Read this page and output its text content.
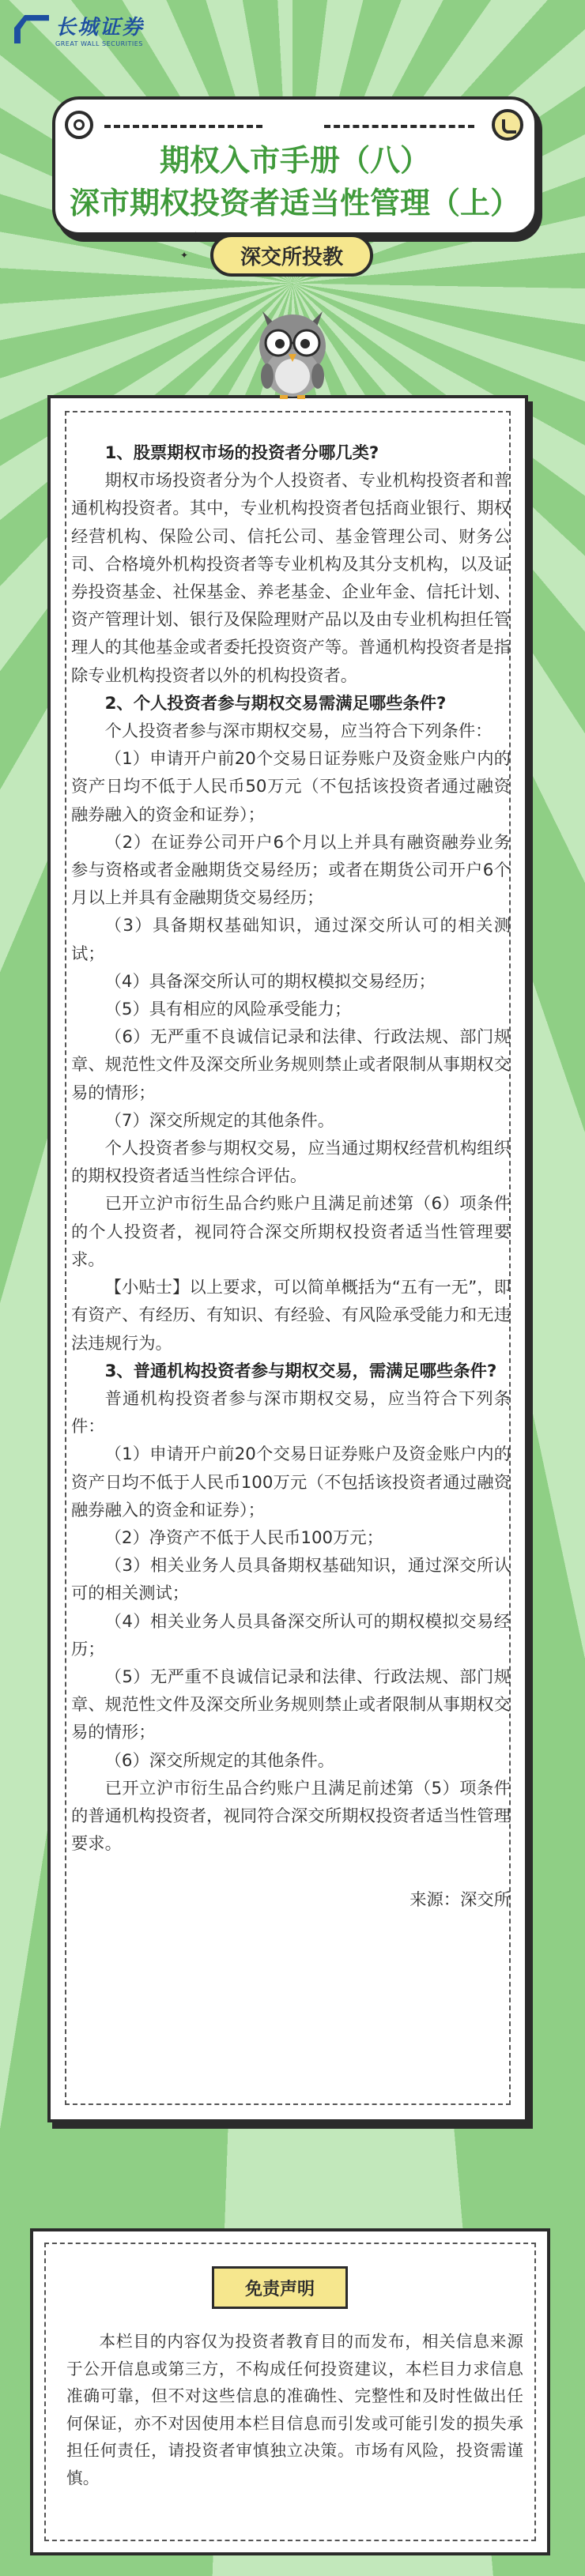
长城证券
GREAT WALL SECURITIES
期权入市手册（八）
深市期权投资者适当性管理（上）
✦
✦	深交所投教

1、股票期权市场的投资者分哪几类?

期权市场投资者分为个人投资者、专业机构投资者和普通机构投资者。其中，专业机构投资者包括商业银行、期权经营机构、保险公司、信托公司、基金管理公司、财务公司、合格境外机构投资者等专业机构及其分支机构，以及证券投资基金、社保基金、养老基金、企业年金、信托计划、资产管理计划、银行及保险理财产品以及由专业机构担任管理人的其他基金或者委托投资资产等。普通机构投资者是指除专业机构投资者以外的机构投资者。

2、个人投资者参与期权交易需满足哪些条件?

个人投资者参与深市期权交易，应当符合下列条件：

（1）申请开户前20个交易日证券账户及资金账户内的资产日均不低于人民币50万元（不包括该投资者通过融资融券融入的资金和证券）；

（2）在证券公司开户6个月以上并具有融资融券业务参与资格或者金融期货交易经历；或者在期货公司开户6个月以上并具有金融期货交易经历；

（3）具备期权基础知识，通过深交所认可的相关测试；

（4）具备深交所认可的期权模拟交易经历；

（5）具有相应的风险承受能力；

（6）无严重不良诚信记录和法律、行政法规、部门规章、规范性文件及深交所业务规则禁止或者限制从事期权交易的情形；

（7）深交所规定的其他条件。

个人投资者参与期权交易，应当通过期权经营机构组织的期权投资者适当性综合评估。

已开立沪市衍生品合约账户且满足前述第（6）项条件的个人投资者，视同符合深交所期权投资者适当性管理要求。

【小贴士】以上要求，可以简单概括为“五有一无”，即有资产、有经历、有知识、有经验、有风险承受能力和无违法违规行为。

3、普通机构投资者参与期权交易，需满足哪些条件?

普通机构投资者参与深市期权交易，应当符合下列条件：

（1）申请开户前20个交易日证券账户及资金账户内的资产日均不低于人民币100万元（不包括该投资者通过融资融券融入的资金和证券）；

（2）净资产不低于人民币100万元；

（3）相关业务人员具备期权基础知识，通过深交所认可的相关测试；

（4）相关业务人员具备深交所认可的期权模拟交易经历；

（5）无严重不良诚信记录和法律、行政法规、部门规章、规范性文件及深交所业务规则禁止或者限制从事期权交易的情形；

（6）深交所规定的其他条件。

已开立沪市衍生品合约账户且满足前述第（5）项条件的普通机构投资者，视同符合深交所期权投资者适当性管理要求。

来源：深交所

免责声明
本栏目的内容仅为投资者教育目的而发布，相关信息来源于公开信息或第三方，不构成任何投资建议，本栏目力求信息准确可靠，但不对这些信息的准确性、完整性和及时性做出任何保证，亦不对因使用本栏目信息而引发或可能引发的损失承担任何责任，请投资者审慎独立决策。市场有风险，投资需谨慎。
